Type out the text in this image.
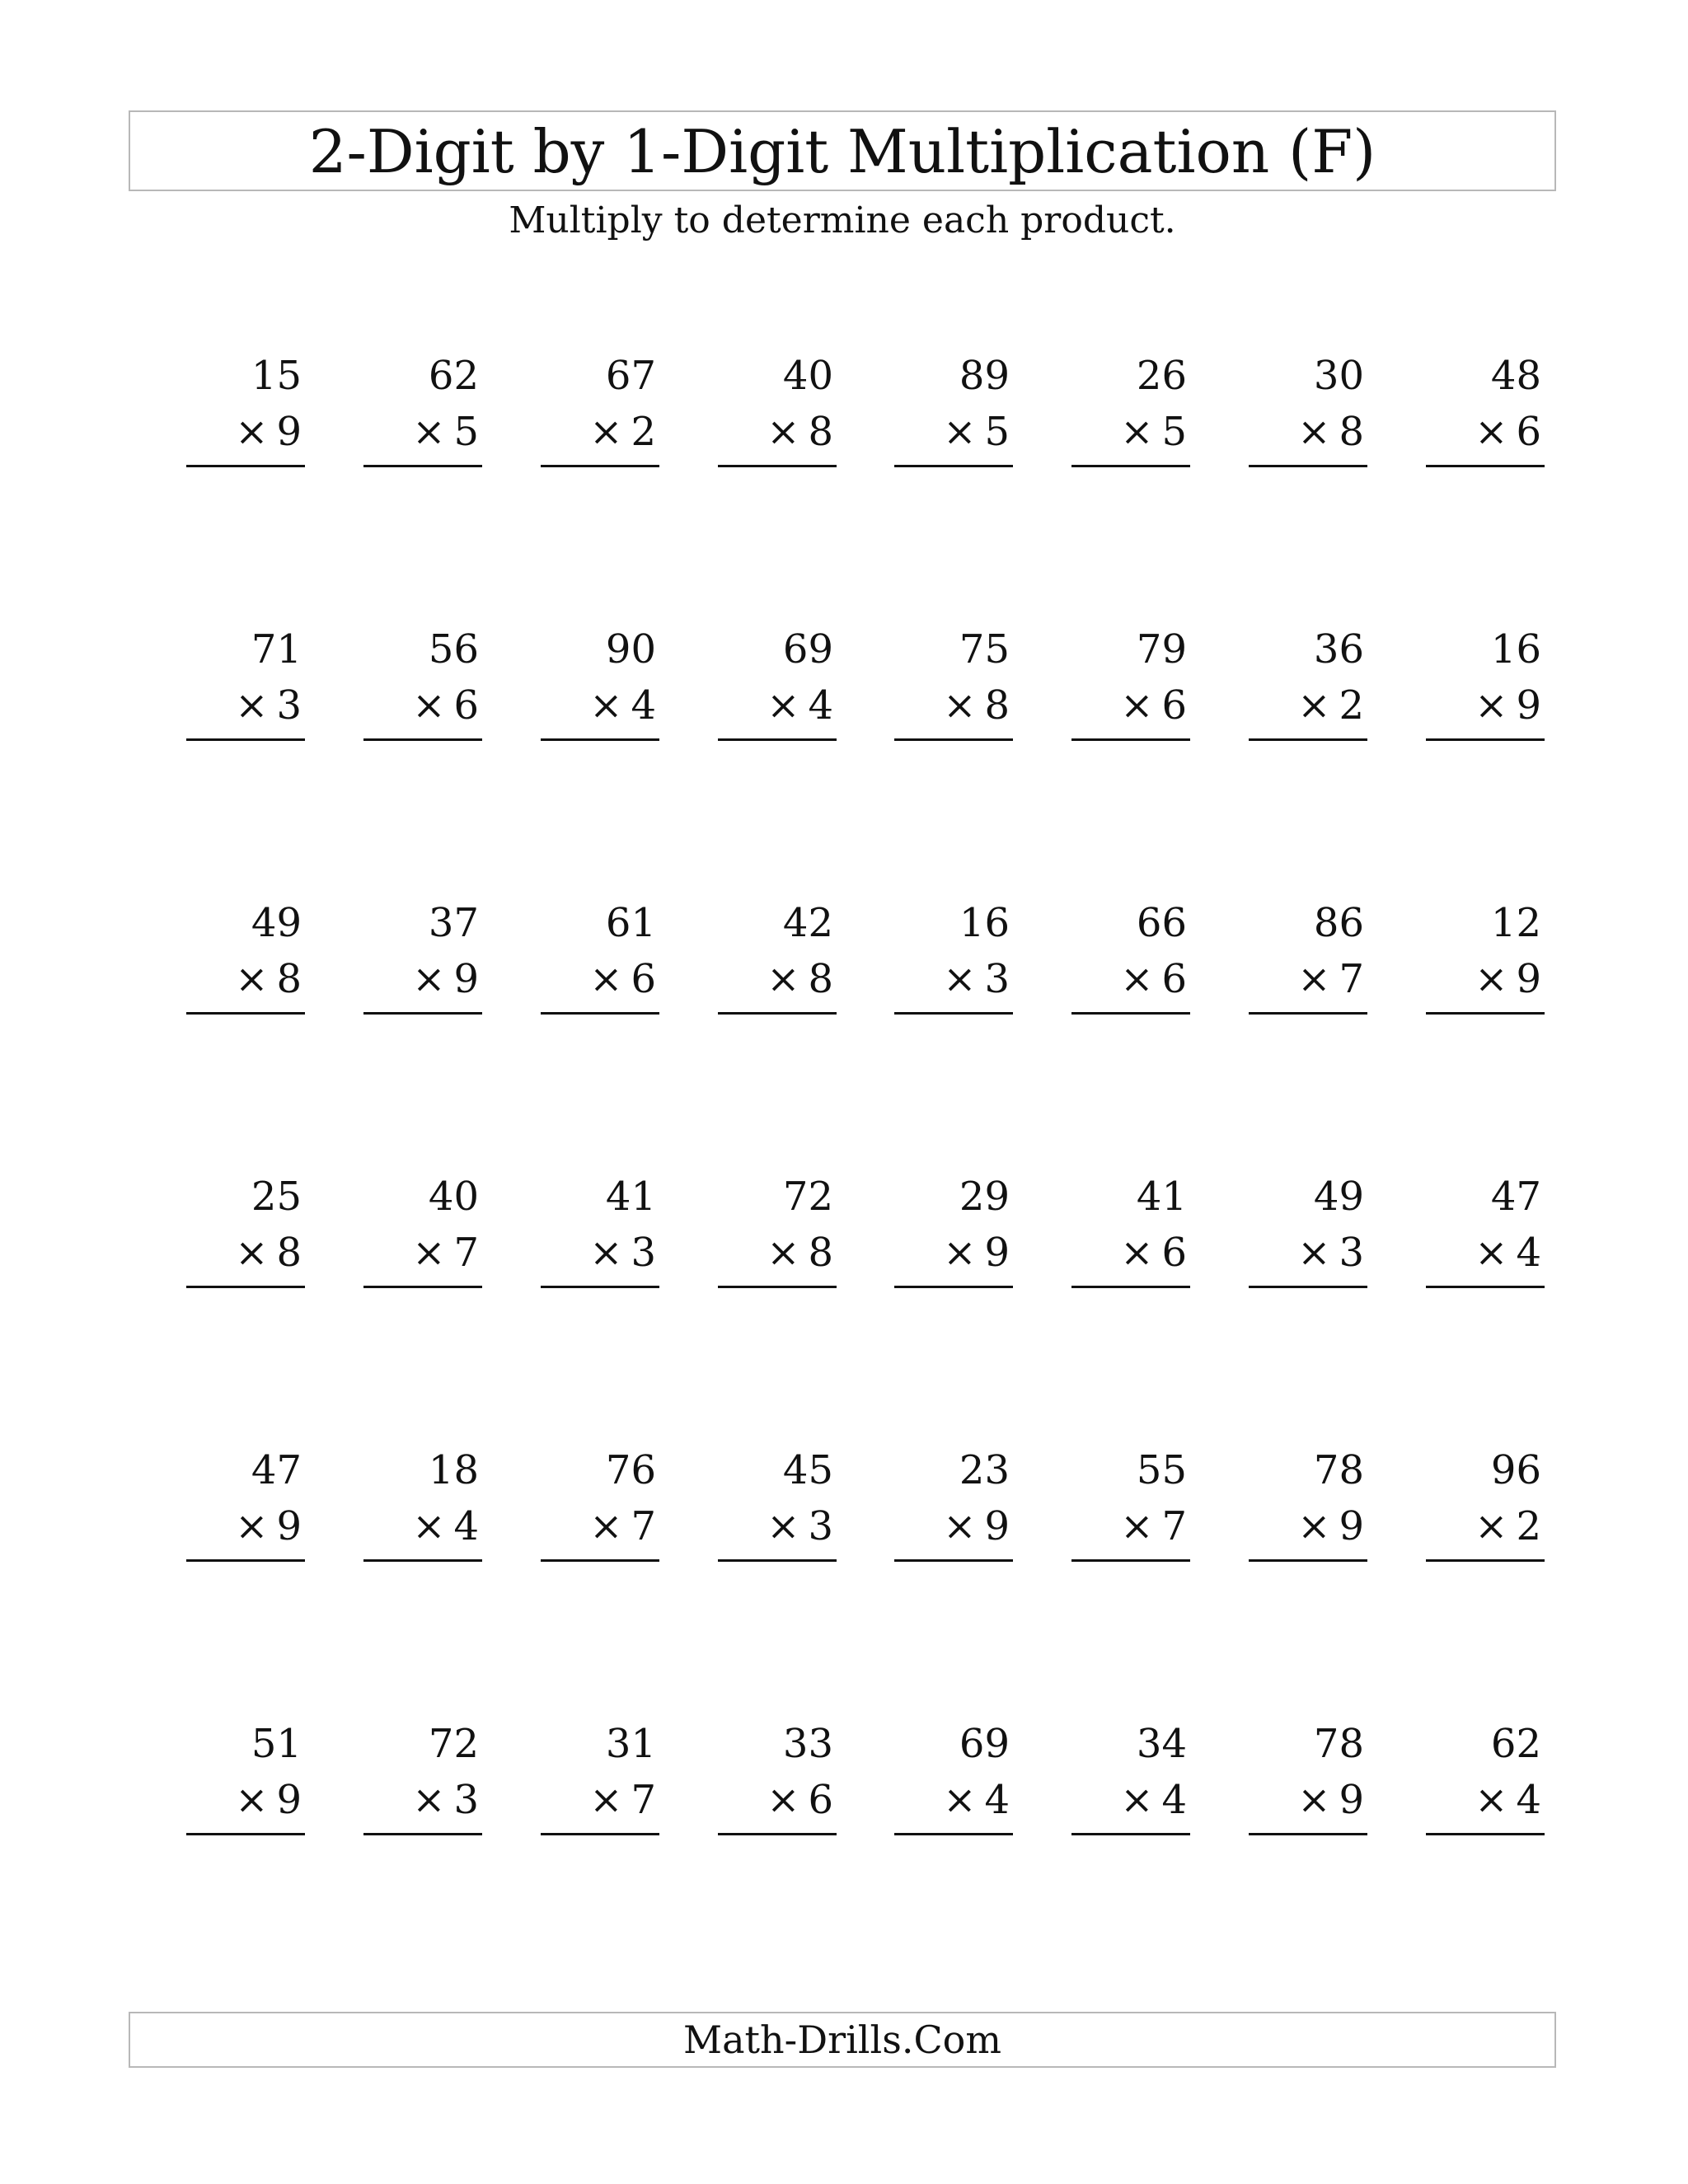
2-Digit by 1-Digit Multiplication (F)
Multiply to determine each product.
15
× 9
62
× 5
67
× 2
40
× 8
89
× 5
26
× 5
30
× 8
48
× 6
71
× 3
56
× 6
90
× 4
69
× 4
75
× 8
79
× 6
36
× 2
16
× 9
49
× 8
37
× 9
61
× 6
42
× 8
16
× 3
66
× 6
86
× 7
12
× 9
25
× 8
40
× 7
41
× 3
72
× 8
29
× 9
41
× 6
49
× 3
47
× 4
47
× 9
18
× 4
76
× 7
45
× 3
23
× 9
55
× 7
78
× 9
96
× 2
51
× 9
72
× 3
31
× 7
33
× 6
69
× 4
34
× 4
78
× 9
62
× 4
Math-Drills.Com
